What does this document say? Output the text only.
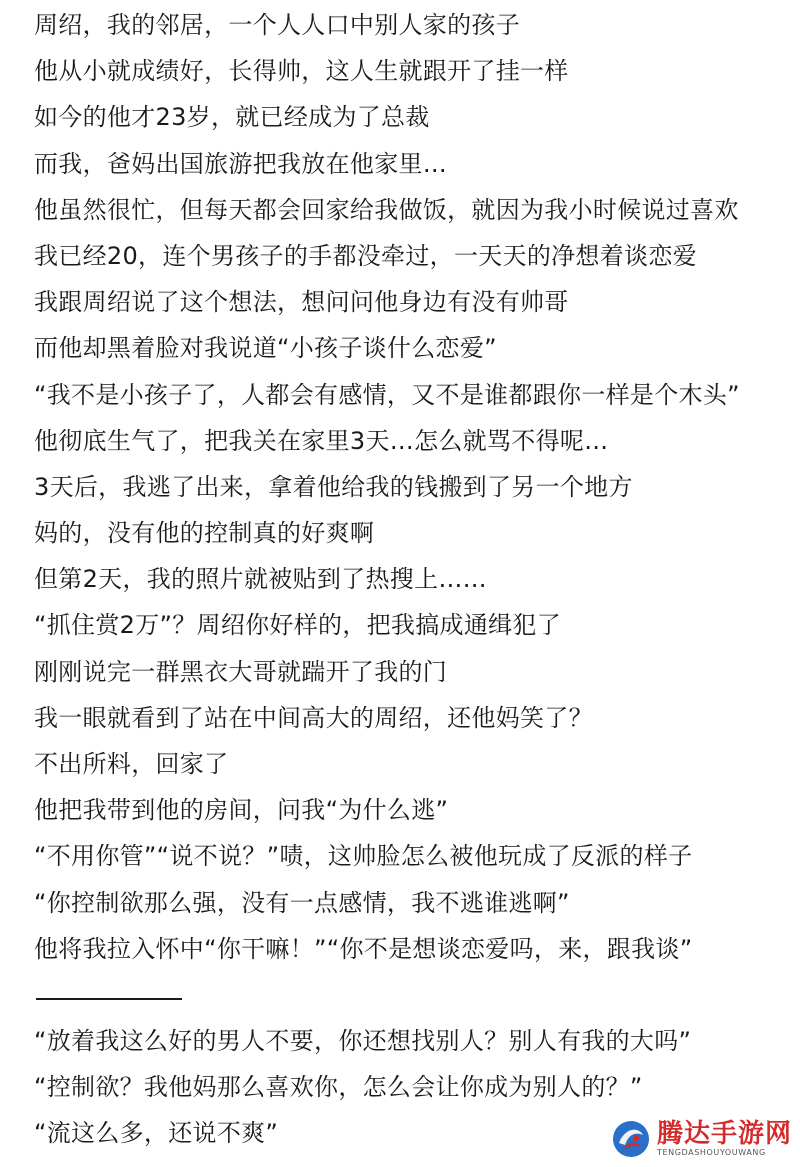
周绍，我的邻居，一个人人口中别人家的孩子
他从小就成绩好，长得帅，这人生就跟开了挂一样
如今的他才23岁，就已经成为了总裁
而我，爸妈出国旅游把我放在他家里…
他虽然很忙，但每天都会回家给我做饭，就因为我小时候说过喜欢
我已经20，连个男孩子的手都没牵过，一天天的净想着谈恋爱
我跟周绍说了这个想法，想问问他身边有没有帅哥
而他却黑着脸对我说道“小孩子谈什么恋爱”
“我不是小孩子了，人都会有感情，又不是谁都跟你一样是个木头”
他彻底生气了，把我关在家里3天…怎么就骂不得呢…
3天后，我逃了出来，拿着他给我的钱搬到了另一个地方
妈的，没有他的控制真的好爽啊
但第2天，我的照片就被贴到了热搜上……
“抓住赏2万”？周绍你好样的，把我搞成通缉犯了
刚刚说完一群黑衣大哥就踹开了我的门
我一眼就看到了站在中间高大的周绍，还他妈笑了？
不出所料，回家了
他把我带到他的房间，问我“为什么逃”
“不用你管”“说不说？”啧，这帅脸怎么被他玩成了反派的样子
“你控制欲那么强，没有一点感情，我不逃谁逃啊”
他将我拉入怀中“你干嘛！”“你不是想谈恋爱吗，来，跟我谈”
“放着我这么好的男人不要，你还想找别人？别人有我的大吗”
“控制欲？我他妈那么喜欢你，怎么会让你成为别人的？”
“流这么多，还说不爽”	腾达手游网
TENGDASHOUYOUWANG
